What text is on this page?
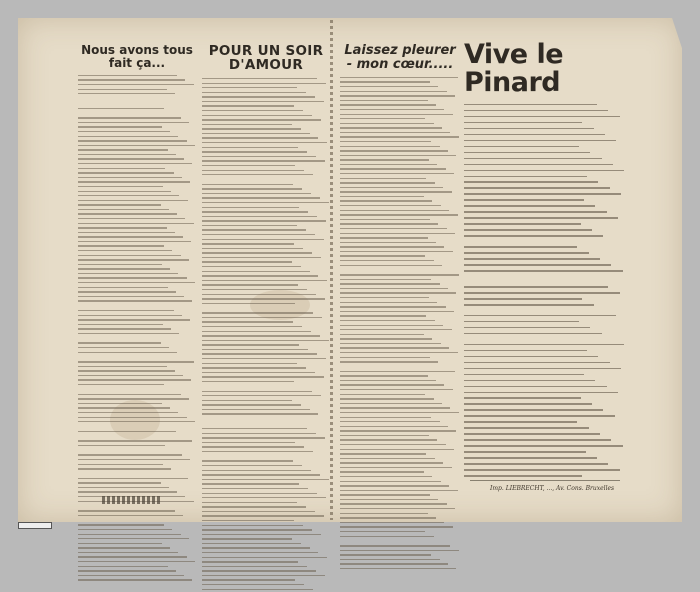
Nous avons tous fait ça...
POUR UN SOIR D'AMOUR
Laissez pleurer - mon cœur..... Vive le Pinard
Imp. LIEBRECHT, ..., Av. Cons. Bruxelles
